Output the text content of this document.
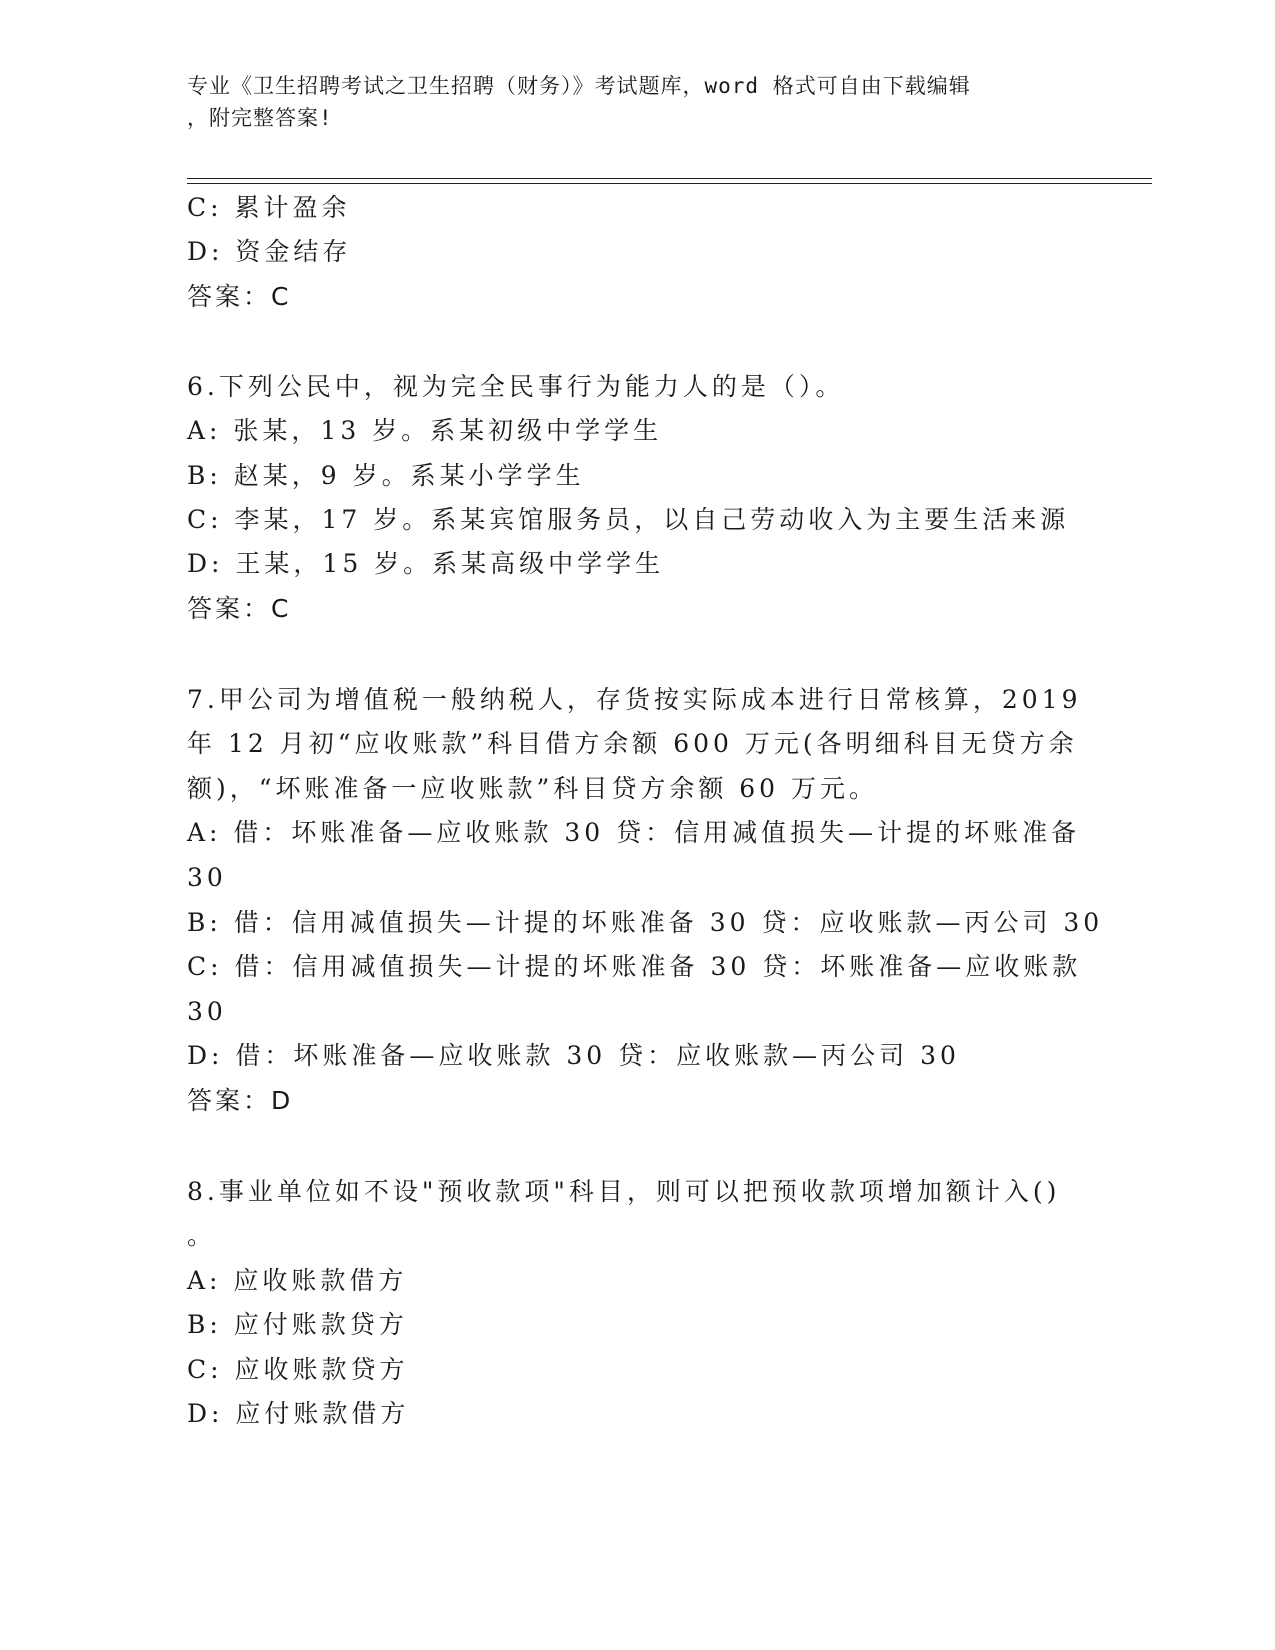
专业《卫生招聘考试之卫生招聘（财务）》考试题库，word 格式可自由下载编辑
，附完整答案!
C: 累计盈余
D: 资金结存
答案：C
6.下列公民中，视为完全民事行为能力人的是（）。
A: 张某，13 岁。系某初级中学学生
B: 赵某，9 岁。系某小学学生
C: 李某，17 岁。系某宾馆服务员，以自己劳动收入为主要生活来源
D: 王某，15 岁。系某高级中学学生
答案：C
7.甲公司为增值税一般纳税人，存货按实际成本进行日常核算，2019
年 12 月初“应收账款”科目借方余额 600 万元(各明细科目无贷方余
额)，“坏账准备一应收账款”科目贷方余额 60 万元。
A: 借：坏账准备—应收账款 30 贷：信用减值损失—计提的坏账准备
30
B: 借：信用减值损失—计提的坏账准备 30 贷：应收账款—丙公司 30
C: 借：信用减值损失—计提的坏账准备 30 贷：坏账准备—应收账款
30
D: 借：坏账准备—应收账款 30 贷：应收账款—丙公司 30
答案：D
8.事业单位如不设"预收款项"科目，则可以把预收款项增加额计入()
。
A: 应收账款借方
B: 应付账款贷方
C: 应收账款贷方
D: 应付账款借方
